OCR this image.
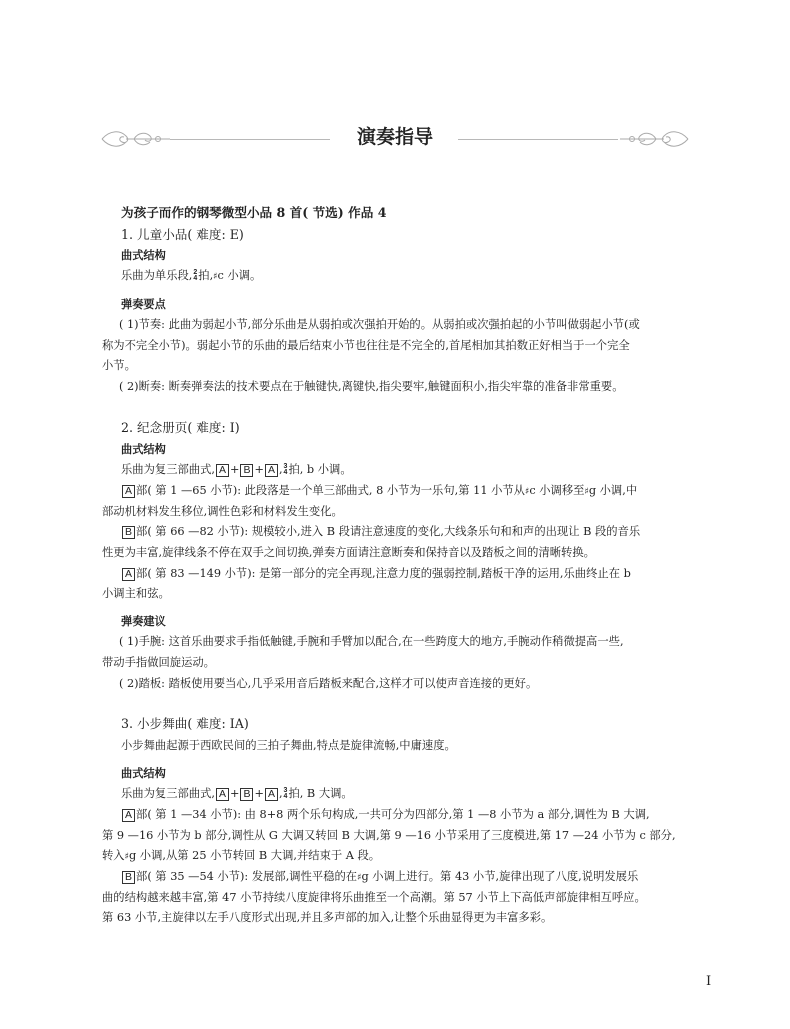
演奏指导
为孩子而作的钢琴微型小品 8 首( 节选) 作品 4
1. 儿童小品( 难度: E)
曲式结构
乐曲为单乐段, 2
4 拍,♯c 小调。
弹奏要点
( 1)节奏: 此曲为弱起小节,部分乐曲是从弱拍或次强拍开始的。从弱拍或次强拍起的小节叫做弱起小节(或
称为不完全小节)。弱起小节的乐曲的最后结束小节也往往是不完全的,首尾相加其拍数正好相当于一个完全
小节。
( 2)断奏: 断奏弹奏法的技术要点在于触键快,离键快,指尖要牢,触键面积小,指尖牢靠的准备非常重要。
2. 纪念册页( 难度: I)
曲式结构
乐曲为复三部曲式, A + B + A , 3
4 拍, b 小调。
A 部( 第 1 —65 小节): 此段落是一个单三部曲式, 8 小节为一乐句,第 11 小节从♯c 小调移至♯g 小调,中
部动机材料发生移位,调性色彩和材料发生变化。
B 部( 第 66 —82 小节): 规模较小,进入 B 段请注意速度的变化,大线条乐句和和声的出现让 B 段的音乐
性更为丰富,旋律线条不停在双手之间切换,弹奏方面请注意断奏和保持音以及踏板之间的清晰转换。
A 部( 第 83 —149 小节): 是第一部分的完全再现,注意力度的强弱控制,踏板干净的运用,乐曲终止在 b
小调主和弦。
弹奏建议
( 1)手腕: 这首乐曲要求手指低触键,手腕和手臂加以配合,在一些跨度大的地方,手腕动作稍微提高一些,
带动手指做回旋运动。
( 2)踏板: 踏板使用要当心,几乎采用音后踏板来配合,这样才可以使声音连接的更好。
3. 小步舞曲( 难度: IA)
小步舞曲起源于西欧民间的三拍子舞曲,特点是旋律流畅,中庸速度。
曲式结构
乐曲为复三部曲式, A + B + A , 3
4 拍, B 大调。
A 部( 第 1 —34 小节): 由 8+8 两个乐句构成,一共可分为四部分,第 1 —8 小节为 a 部分,调性为 B 大调,
第 9 —16 小节为 b 部分,调性从 G 大调又转回 B 大调,第 9 —16 小节采用了三度模进,第 17 —24 小节为 c 部分,
转入♯g 小调,从第 25 小节转回 B 大调,并结束于 A 段。
B 部( 第 35 —54 小节): 发展部,调性平稳的在♯g 小调上进行。第 43 小节,旋律出现了八度,说明发展乐
曲的结构越来越丰富,第 47 小节持续八度旋律将乐曲推至一个高潮。第 57 小节上下高低声部旋律相互呼应。
第 63 小节,主旋律以左手八度形式出现,并且多声部的加入,让整个乐曲显得更为丰富多彩。
I
